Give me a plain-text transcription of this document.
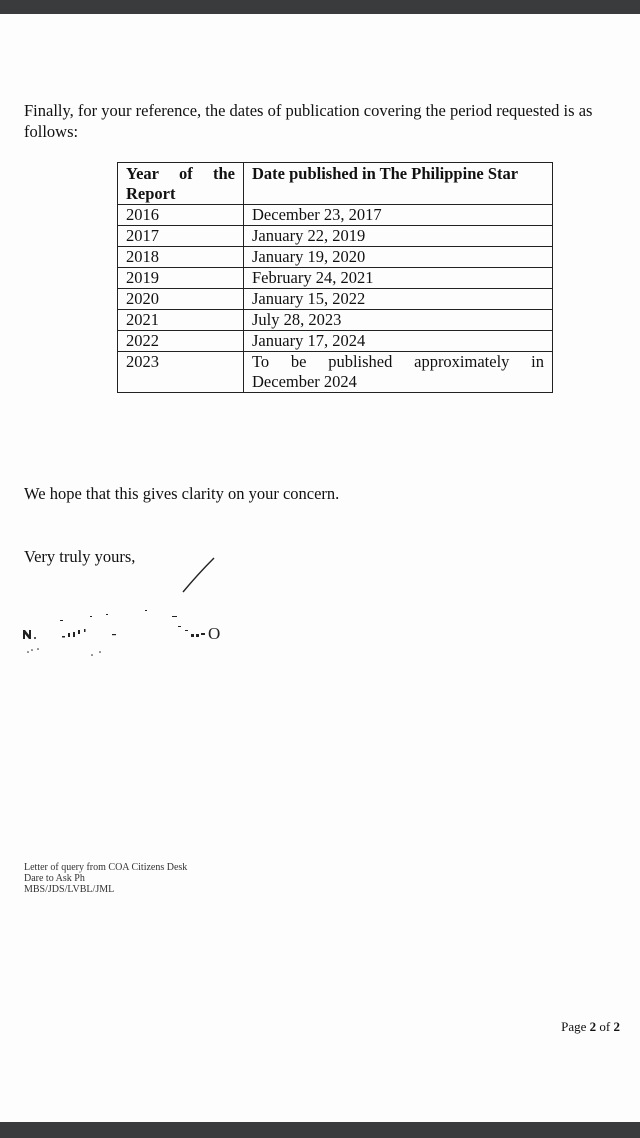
Finally, for your reference, the dates of publication covering the period requested is as follows:

Year of the Report	Date published in The Philippine Star
2016	December 23, 2017
2017	January 22, 2019
2018	January 19, 2020
2019	February 24, 2021
2020	January 15, 2022
2021	July 28, 2023
2022	January 17, 2024
2023	To be published approximately in December 2024

We hope that this gives clarity on your concern.

Very truly yours,

O
Letter of query from COA Citizens Desk
Dare to Ask Ph
MBS/JDS/LVBL/JML

Page 2 of 2
